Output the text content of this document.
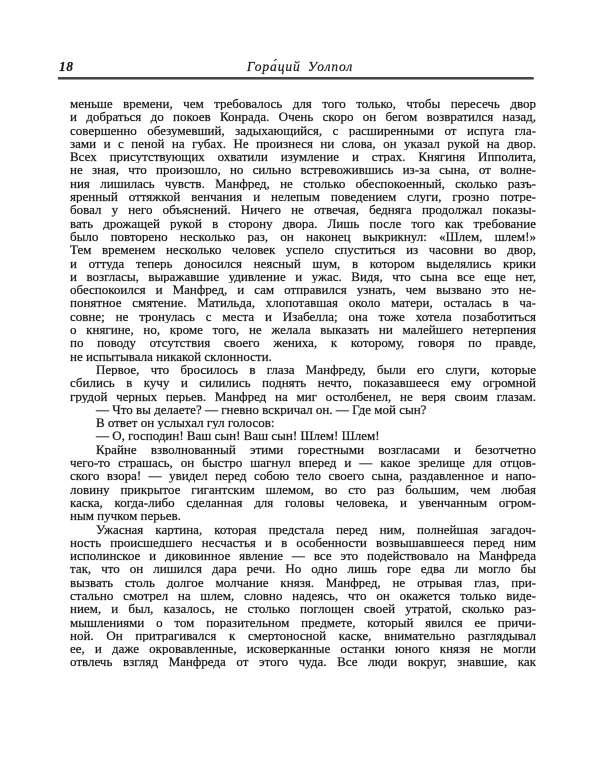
18	Гора́ций Уолпол
меньше времени, чем требовалось для того только, чтобы пересечь двор
и добраться до покоев Конрада. Очень скоро он бегом возвратился назад,
совершенно обезумевший, задыхающийся, с расширенными от испуга гла-
зами и с пеной на губах. Не произнеся ни слова, он указал рукой на двор.
Всех присутствующих охватили изумление и страх. Княгиня Ипполита,
не зная, что произошло, но сильно встревожившись из-за сына, от волне-
ния лишилась чувств. Манфред, не столько обеспокоенный, сколько разъ-
яренный оттяжкой венчания и нелепым поведением слуги, грозно потре-
бовал у него объяснений. Ничего не отвечая, бедняга продолжал показы-
вать дрожащей рукой в сторону двора. Лишь после того как требование
было повторено несколько раз, он наконец выкрикнул: «Шлем, шлем!»
Тем временем несколько человек успело спуститься из часовни во двор,
и оттуда теперь доносился неясный шум, в котором выделялись крики
и возгласы, выражавшие удивление и ужас. Видя, что сына все еще нет,
обеспокоился и Манфред, и сам отправился узнать, чем вызвано это не-
понятное смятение. Матильда, хлопотавшая около матери, осталась в ча-
совне; не тронулась с места и Изабелла; она тоже хотела позаботиться
о княгине, но, кроме того, не желала выказать ни малейшего нетерпения
по поводу отсутствия своего жениха, к которому, говоря по правде,
не испытывала никакой склонности.
Первое, что бросилось в глаза Манфреду, были его слуги, которые
сбились в кучу и силились поднять нечто, показавшееся ему огромной
грудой черных перьев. Манфред на миг остолбенел, не веря своим глазам.
— Что вы делаете? — гневно вскричал он. — Где мой сын?
В ответ он услыхал гул голосов:
— О, господин! Ваш сын! Ваш сын! Шлем! Шлем!
Крайне взволнованный этими горестными возгласами и безотчетно
чего-то страшась, он быстро шагнул вперед и — какое зрелище для отцов-
ского взора! — увидел перед собою тело своего сына, раздавленное и напо-
ловину прикрытое гигантским шлемом, во сто раз большим, чем любая
каска, когда-либо сделанная для головы человека, и увенчанным огром-
ным пучком перьев.
Ужасная картина, которая предстала перед ним, полнейшая загадоч-
ность происшедшего несчастья и в особенности возвышавшееся перед ним
исполинское и диковинное явление — все это подействовало на Манфреда
так, что он лишился дара речи. Но одно лишь горе едва ли могло бы
вызвать столь долгое молчание князя. Манфред, не отрывая глаз, при-
стально смотрел на шлем, словно надеясь, что он окажется только виде-
нием, и был, казалось, не столько поглощен своей утратой, сколько раз-
мышлениями о том поразительном предмете, который явился ее причи-
ной. Он притрагивался к смертоносной каске, внимательно разглядывал
ее, и даже окровавленные, исковерканные останки юного князя не могли
отвлечь взгляд Манфреда от этого чуда. Все люди вокруг, знавшие, как
